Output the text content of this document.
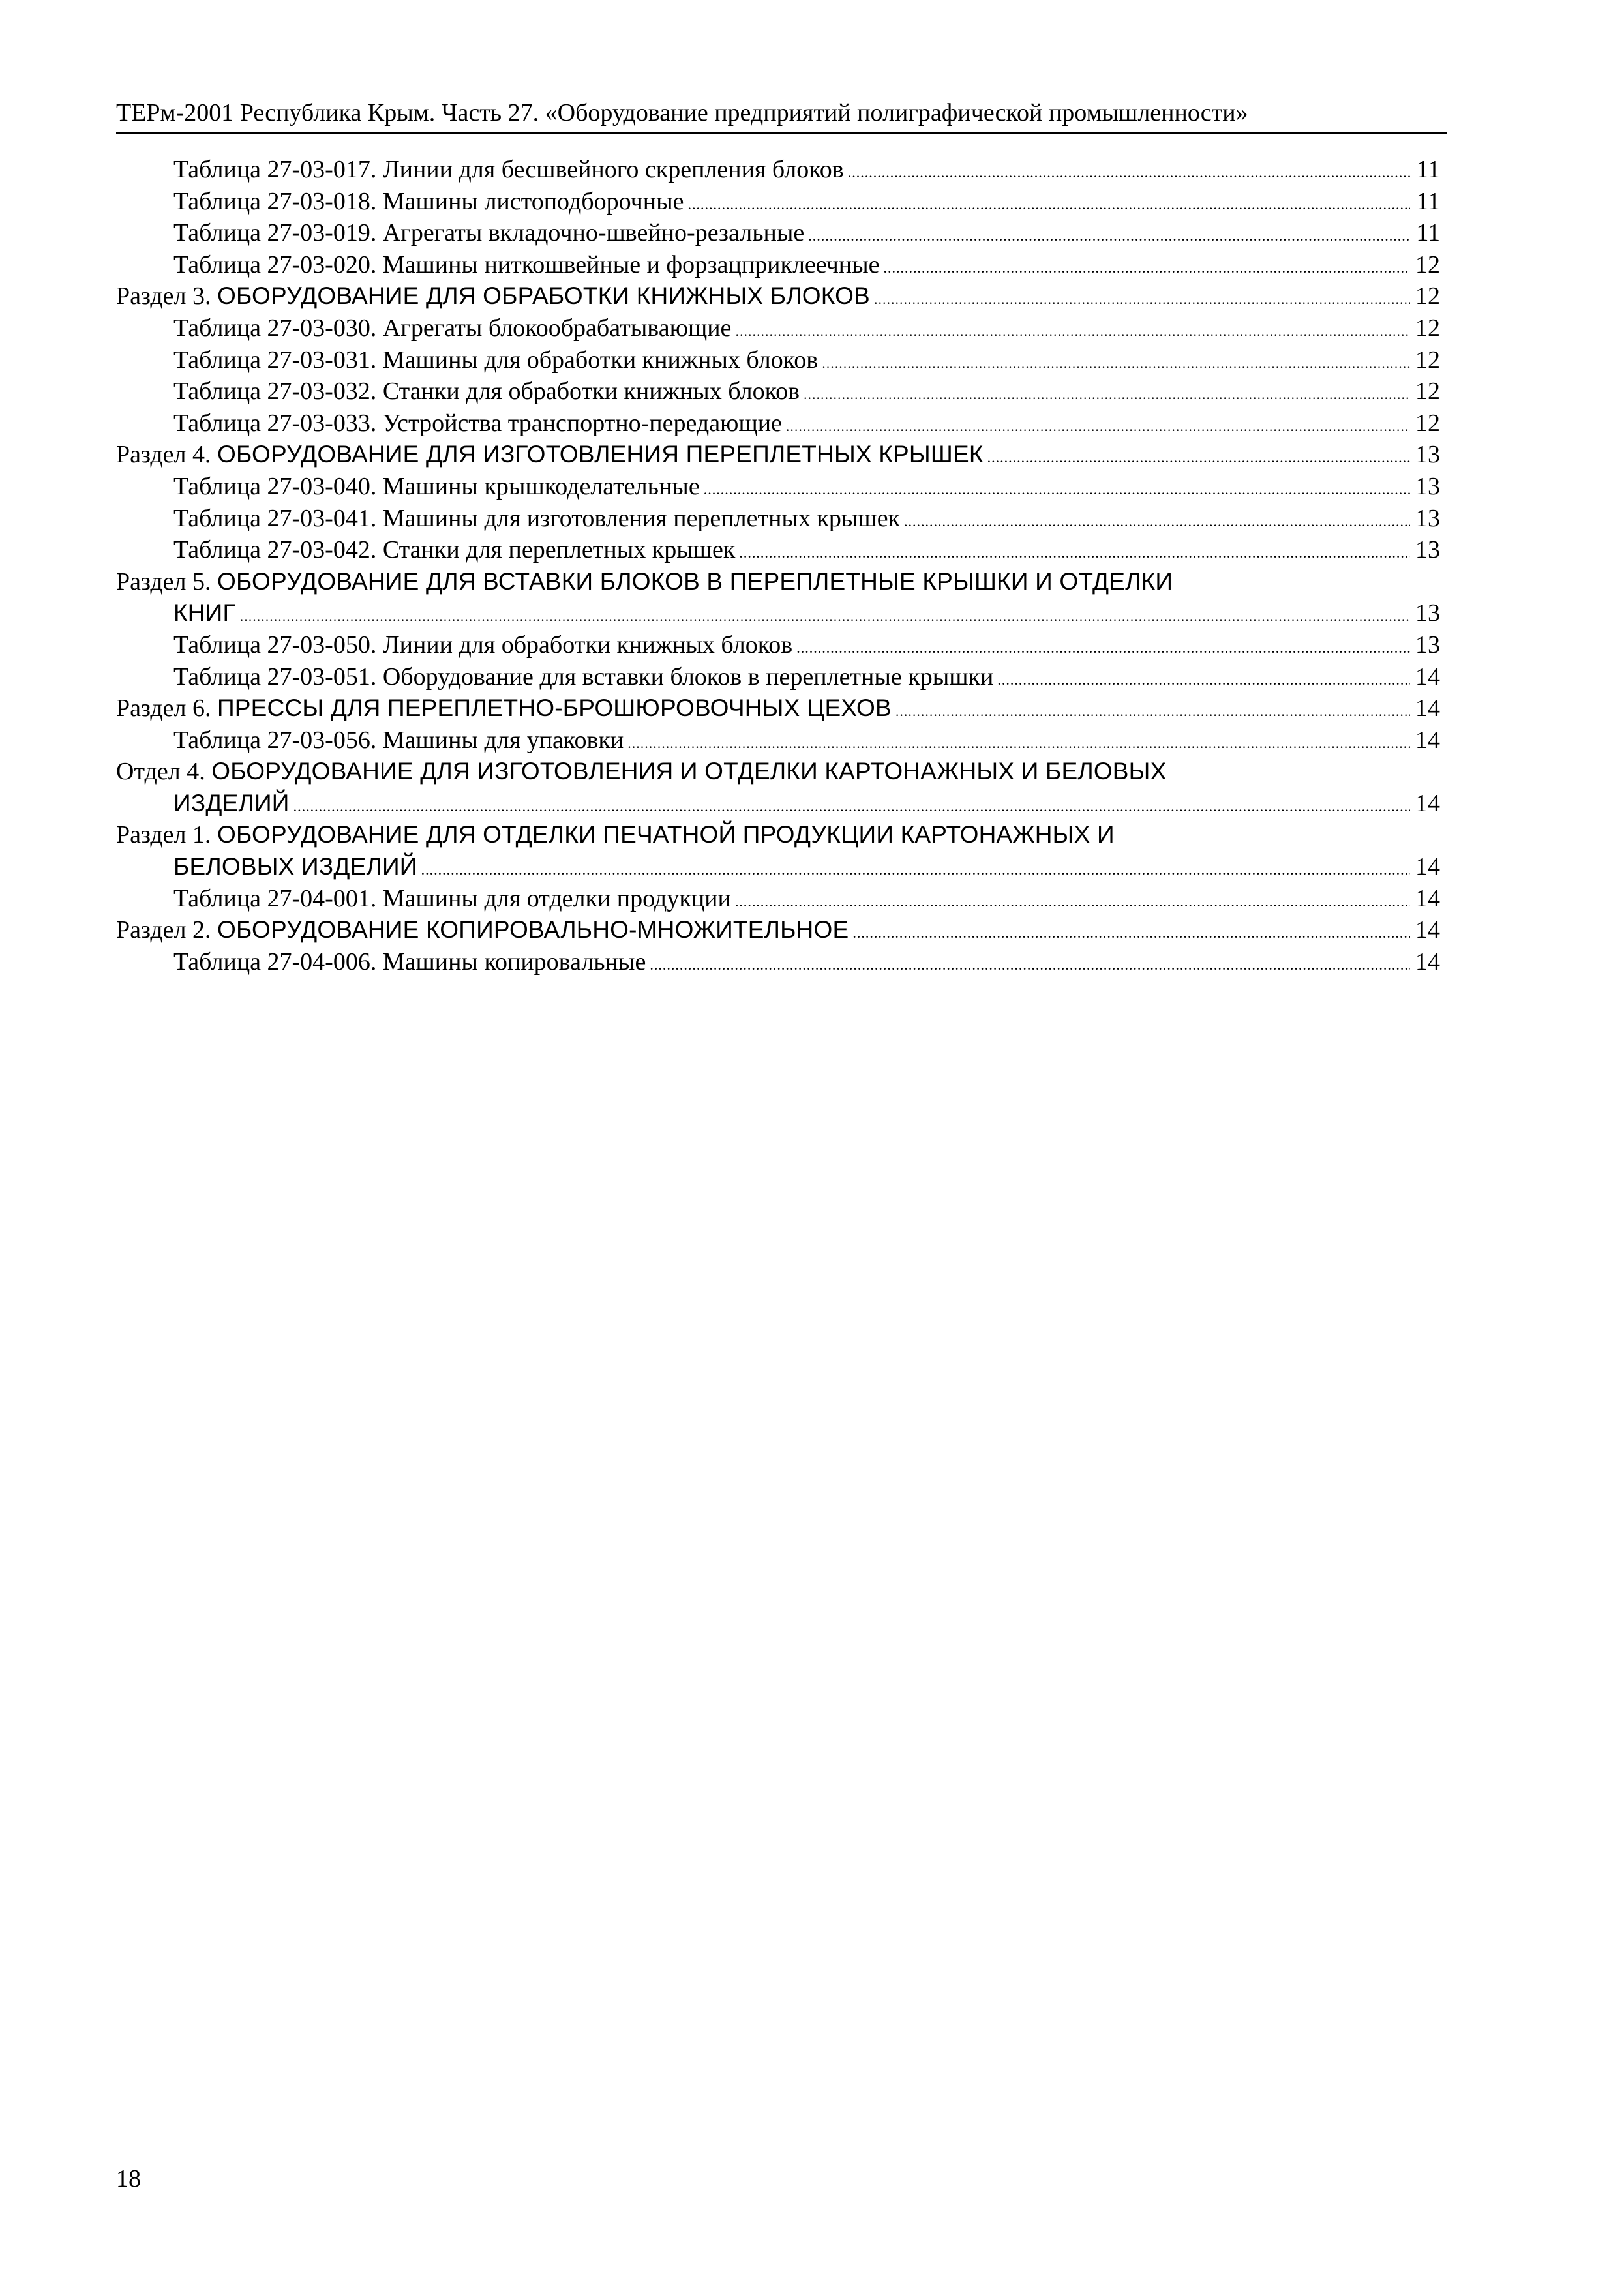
ТЕРм-2001 Республика Крым. Часть 27. «Оборудование предприятий полиграфической промышленности»
Таблица 27-03-017. Линии для бесшвейного скрепления блоков .....	11
Таблица 27-03-018. Машины листоподборочные .....	11
Таблица 27-03-019. Агрегаты вкладочно-швейно-резальные .....	11
Таблица 27-03-020. Машины ниткошвейные и форзацприклеечные .....	12
Раздел 3. ОБОРУДОВАНИЕ ДЛЯ ОБРАБОТКИ КНИЖНЫХ БЛОКОВ .....	12
Таблица 27-03-030. Агрегаты блокообрабатывающие .....	12
Таблица 27-03-031. Машины для обработки книжных блоков .....	12
Таблица 27-03-032. Станки для обработки книжных блоков .....	12
Таблица 27-03-033. Устройства транспортно-передающие .....	12
Раздел 4. ОБОРУДОВАНИЕ ДЛЯ ИЗГОТОВЛЕНИЯ ПЕРЕПЛЕТНЫХ КРЫШЕК .....	13
Таблица 27-03-040. Машины крышкоделательные .....	13
Таблица 27-03-041. Машины для изготовления переплетных крышек .....	13
Таблица 27-03-042. Станки для переплетных крышек .....	13
Раздел 5. ОБОРУДОВАНИЕ ДЛЯ ВСТАВКИ БЛОКОВ В ПЕРЕПЛЕТНЫЕ КРЫШКИ И ОТДЕЛКИ
КНИГ .....	13
Таблица 27-03-050. Линии для обработки книжных блоков .....	13
Таблица 27-03-051. Оборудование для вставки блоков в переплетные крышки .....	14
Раздел 6. ПРЕССЫ ДЛЯ ПЕРЕПЛЕТНО-БРОШЮРОВОЧНЫХ ЦЕХОВ .....	14
Таблица 27-03-056. Машины для упаковки .....	14
Отдел 4. ОБОРУДОВАНИЕ ДЛЯ ИЗГОТОВЛЕНИЯ И ОТДЕЛКИ КАРТОНАЖНЫХ И БЕЛОВЫХ
ИЗДЕЛИЙ .....	14
Раздел 1. ОБОРУДОВАНИЕ ДЛЯ ОТДЕЛКИ ПЕЧАТНОЙ ПРОДУКЦИИ КАРТОНАЖНЫХ И
БЕЛОВЫХ ИЗДЕЛИЙ .....	14
Таблица 27-04-001. Машины для отделки продукции .....	14
Раздел 2. ОБОРУДОВАНИЕ КОПИРОВАЛЬНО-МНОЖИТЕЛЬНОЕ .....	14
Таблица 27-04-006. Машины копировальные .....	14
18
